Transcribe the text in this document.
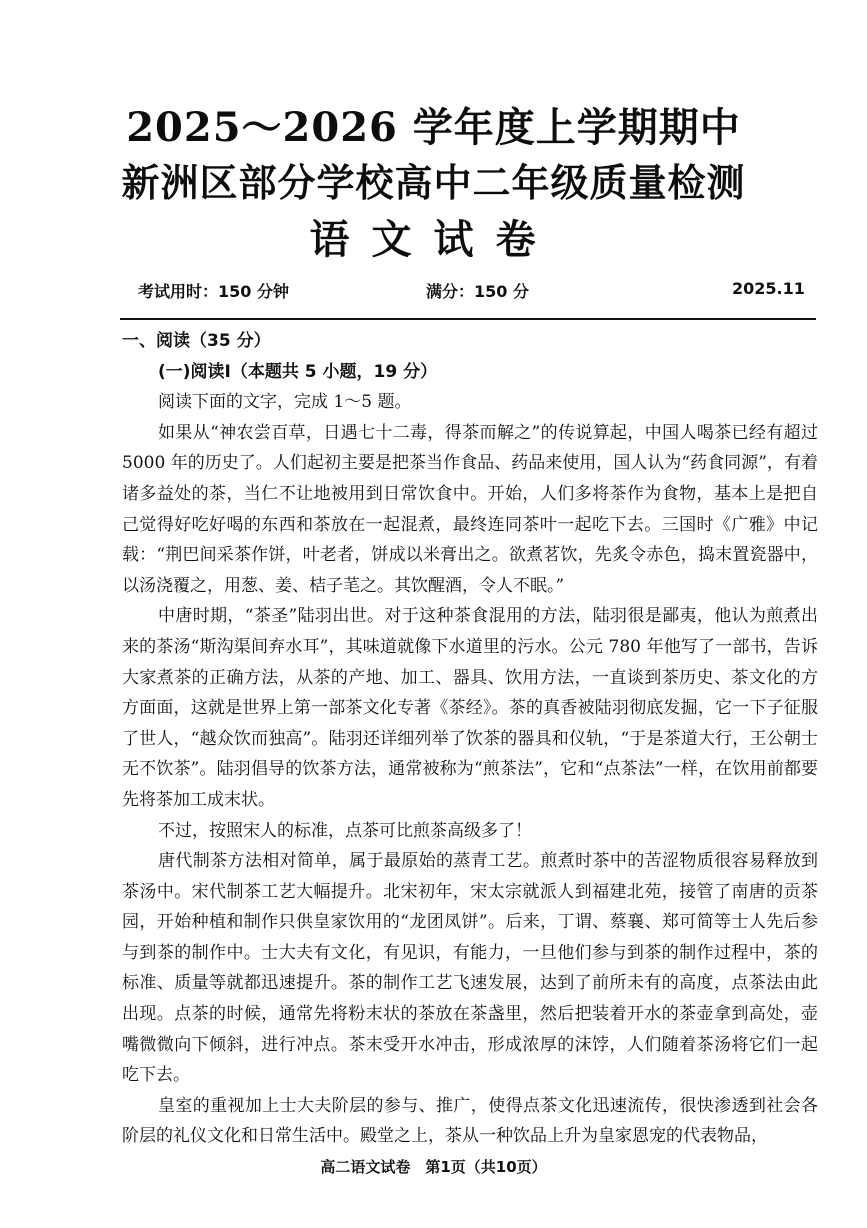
2025～2026 学年度上学期期中
新洲区部分学校高中二年级质量检测
语文试卷
考试用时：150 分钟	满分：150 分	2025.11

一、阅读（35 分）

(一)阅读Ⅰ（本题共 5 小题，19 分）

阅读下面的文字，完成 1～5 题。

如果从“神农尝百草，日遇七十二毒，得茶而解之”的传说算起，中国人喝茶已经有超过 5000 年的历史了。人们起初主要是把茶当作食品、药品来使用，国人认为“药食同源”，有着诸多益处的茶，当仁不让地被用到日常饮食中。开始，人们多将茶作为食物，基本上是把自己觉得好吃好喝的东西和茶放在一起混煮，最终连同茶叶一起吃下去。三国时《广雅》中记载：“荆巴间采茶作饼，叶老者，饼成以米膏出之。欲煮茗饮，先炙令赤色，捣末置瓷器中，以汤浇覆之，用葱、姜、桔子芼之。其饮醒酒，令人不眠。”

中唐时期，“茶圣”陆羽出世。对于这种茶食混用的方法，陆羽很是鄙夷，他认为煎煮出来的茶汤“斯沟渠间弃水耳”，其味道就像下水道里的污水。公元 780 年他写了一部书，告诉大家煮茶的正确方法，从茶的产地、加工、器具、饮用方法，一直谈到茶历史、茶文化的方方面面，这就是世界上第一部茶文化专著《茶经》。茶的真香被陆羽彻底发掘，它一下子征服了世人，“越众饮而独高”。陆羽还详细列举了饮茶的器具和仪轨，“于是茶道大行，王公朝士无不饮茶”。陆羽倡导的饮茶方法，通常被称为“煎茶法”，它和“点茶法”一样，在饮用前都要先将茶加工成末状。

不过，按照宋人的标准，点茶可比煎茶高级多了！

唐代制茶方法相对简单，属于最原始的蒸青工艺。煎煮时茶中的苦涩物质很容易释放到茶汤中。宋代制茶工艺大幅提升。北宋初年，宋太宗就派人到福建北苑，接管了南唐的贡茶园，开始种植和制作只供皇家饮用的“龙团凤饼”。后来，丁谓、蔡襄、郑可简等士人先后参与到茶的制作中。士大夫有文化，有见识，有能力，一旦他们参与到茶的制作过程中，茶的标准、质量等就都迅速提升。茶的制作工艺飞速发展，达到了前所未有的高度，点茶法由此出现。点茶的时候，通常先将粉末状的茶放在茶盏里，然后把装着开水的茶壶拿到高处，壶嘴微微向下倾斜，进行冲点。茶末受开水冲击，形成浓厚的沫饽，人们随着茶汤将它们一起吃下去。

皇室的重视加上士大夫阶层的参与、推广，使得点茶文化迅速流传，很快渗透到社会各阶层的礼仪文化和日常生活中。殿堂之上，茶从一种饮品上升为皇家恩宠的代表物品，

高二语文试卷　第1页（共10页）
